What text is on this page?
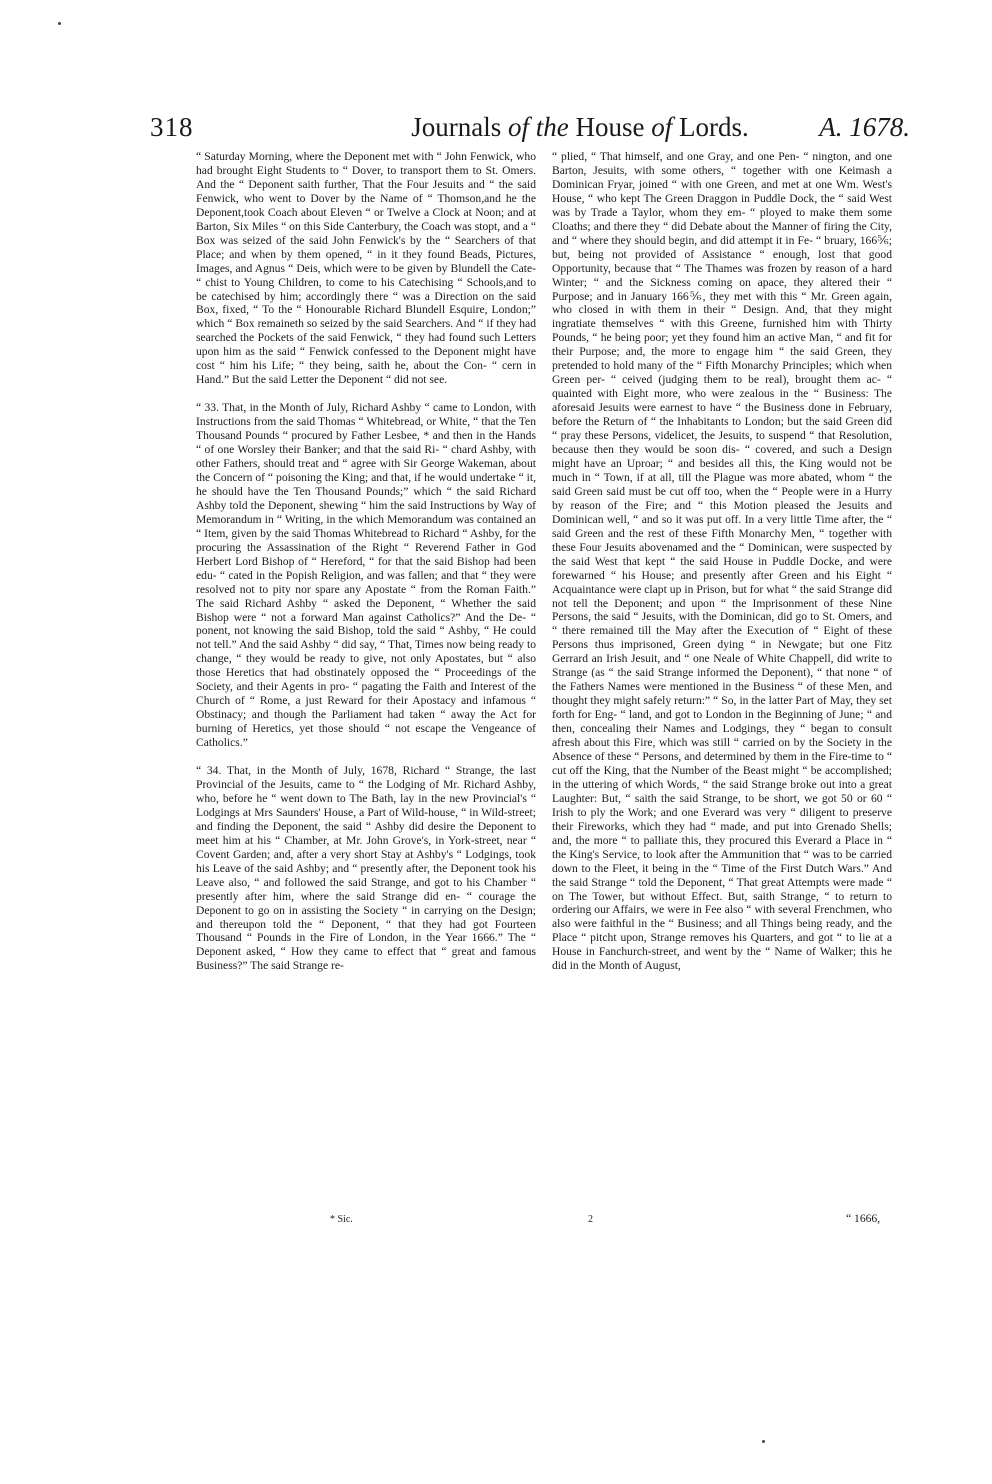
318	Journals of the House of Lords.	A. 1678.

“ Saturday Morning, where the Deponent met with “ John Fenwick, who had brought Eight Students to “ Dover, to transport them to St. Omers. And the “ Deponent saith further, That the Four Jesuits and “ the said Fenwick, who went to Dover by the Name of “ Thomson,and he the Deponent,took Coach about Eleven “ or Twelve a Clock at Noon; and at Barton, Six Miles “ on this Side Canterbury, the Coach was stopt, and a “ Box was seized of the said John Fenwick's by the “ Searchers of that Place; and when by them opened, “ in it they found Beads, Pictures, Images, and Agnus “ Deis, which were to be given by Blundell the Cate- “ chist to Young Children, to come to his Catechising “ Schools,and to be catechised by him; accordingly there “ was a Direction on the said Box, fixed, “ To the “ Honourable Richard Blundell Esquire, London;” which “ Box remaineth so seized by the said Searchers. And “ if they had searched the Pockets of the said Fenwick, “ they had found such Letters upon him as the said “ Fenwick confessed to the Deponent might have cost “ him his Life; “ they being, saith he, about the Con- “ cern in Hand.” But the said Letter the Deponent “ did not see.

“ 33. That, in the Month of July, Richard Ashby “ came to London, with Instructions from the said Thomas “ Whitebread, or White, “ that the Ten Thousand Pounds “ procured by Father Lesbee, * and then in the Hands “ of one Worsley their Banker; and that the said Ri- “ chard Ashby, with other Fathers, should treat and “ agree with Sir George Wakeman, about the Concern of “ poisoning the King; and that, if he would undertake “ it, he should have the Ten Thousand Pounds;” which “ the said Richard Ashby told the Deponent, shewing “ him the said Instructions by Way of Memorandum in “ Writing, in the which Memorandum was contained an “ Item, given by the said Thomas Whitebread to Richard “ Ashby, for the procuring the Assassination of the Right “ Reverend Father in God Herbert Lord Bishop of “ Hereford, “ for that the said Bishop had been edu- “ cated in the Popish Religion, and was fallen; and that “ they were resolved not to pity nor spare any Apostate “ from the Roman Faith.” The said Richard Ashby “ asked the Deponent, “ Whether the said Bishop were “ not a forward Man against Catholics?” And the De- “ ponent, not knowing the said Bishop, told the said “ Ashby, “ He could not tell.” And the said Ashby “ did say, “ That, Times now being ready to change, “ they would be ready to give, not only Apostates, but “ also those Heretics that had obstinately opposed the “ Proceedings of the Society, and their Agents in pro- “ pagating the Faith and Interest of the Church of “ Rome, a just Reward for their Apostacy and infamous “ Obstinacy; and though the Parliament had taken “ away the Act for burning of Heretics, yet those should “ not escape the Vengeance of Catholics.”

“ 34. That, in the Month of July, 1678, Richard “ Strange, the last Provincial of the Jesuits, came to “ the Lodging of Mr. Richard Ashby, who, before he “ went down to The Bath, lay in the new Provincial's “ Lodgings at Mrs Saunders' House, a Part of Wild-house, “ in Wild-street; and finding the Deponent, the said “ Ashby did desire the Deponent to meet him at his “ Chamber, at Mr. John Grove's, in York-street, near “ Covent Garden; and, after a very short Stay at Ashby's “ Lodgings, took his Leave of the said Ashby; and “ presently after, the Deponent took his Leave also, “ and followed the said Strange, and got to his Chamber “ presently after him, where the said Strange did en- “ courage the Deponent to go on in assisting the Society “ in carrying on the Design; and thereupon told the “ Deponent, “ that they had got Fourteen Thousand “ Pounds in the Fire of London, in the Year 1666.” The “ Deponent asked, “ How they came to effect that “ great and famous Business?” The said Strange re-

“ plied, “ That himself, and one Gray, and one Pen- “ nington, and one Barton, Jesuits, with some others, “ together with one Keimash a Dominican Fryar, joined “ with one Green, and met at one Wm. West's House, “ who kept The Green Draggon in Puddle Dock, the “ said West was by Trade a Taylor, whom they em- “ ployed to make them some Cloaths; and there they “ did Debate about the Manner of firing the City, and “ where they should begin, and did attempt it in Fe- “ bruary, 166⅚; but, being not provided of Assistance “ enough, lost that good Opportunity, because that “ The Thames was frozen by reason of a hard Winter; “ and the Sickness coming on apace, they altered their “ Purpose; and in January 166⅚, they met with this “ Mr. Green again, who closed in with them in their “ Design. And, that they might ingratiate themselves “ with this Greene, furnished him with Thirty Pounds, “ he being poor; yet they found him an active Man, “ and fit for their Purpose; and, the more to engage him “ the said Green, they pretended to hold many of the “ Fifth Monarchy Principles; which when Green per- “ ceived (judging them to be real), brought them ac- “ quainted with Eight more, who were zealous in the “ Business: The aforesaid Jesuits were earnest to have “ the Business done in February, before the Return of “ the Inhabitants to London; but the said Green did “ pray these Persons, videlicet, the Jesuits, to suspend “ that Resolution, because then they would be soon dis- “ covered, and such a Design might have an Uproar; “ and besides all this, the King would not be much in “ Town, if at all, till the Plague was more abated, whom “ the said Green said must be cut off too, when the “ People were in a Hurry by reason of the Fire; and “ this Motion pleased the Jesuits and Dominican well, “ and so it was put off. In a very little Time after, the “ said Green and the rest of these Fifth Monarchy Men, “ together with these Four Jesuits abovenamed and the “ Dominican, were suspected by the said West that kept “ the said House in Puddle Docke, and were forewarned “ his House; and presently after Green and his Eight “ Acquaintance were clapt up in Prison, but for what “ the said Strange did not tell the Deponent; and upon “ the Imprisonment of these Nine Persons, the said “ Jesuits, with the Dominican, did go to St. Omers, and “ there remained till the May after the Execution of “ Eight of these Persons thus imprisoned, Green dying “ in Newgate; but one Fitz Gerrard an Irish Jesuit, and “ one Neale of White Chappell, did write to Strange (as “ the said Strange informed the Deponent), “ that none “ of the Fathers Names were mentioned in the Business “ of these Men, and thought they might safely return:” “ So, in the latter Part of May, they set forth for Eng- “ land, and got to London in the Beginning of June; “ and then, concealing their Names and Lodgings, they “ began to consult afresh about this Fire, which was still “ carried on by the Society in the Absence of these “ Persons, and determined by them in the Fire-time to “ cut off the King, that the Number of the Beast might “ be accomplished; in the uttering of which Words, “ the said Strange broke out into a great Laughter: But, “ saith the said Strange, to be short, we got 50 or 60 “ Irish to ply the Work; and one Everard was very “ diligent to preserve their Fireworks, which they had “ made, and put into Grenado Shells; and, the more “ to palliate this, they procured this Everard a Place in “ the King's Service, to look after the Ammunition that “ was to be carried down to the Fleet, it being in the “ Time of the First Dutch Wars.” And the said Strange “ told the Deponent, “ That great Attempts were made “ on The Tower, but without Effect. But, saith Strange, “ to return to ordering our Affairs, we were in Fee also “ with several Frenchmen, who also were faithful in the “ Business; and all Things being ready, and the Place “ pitcht upon, Strange removes his Quarters, and got “ to lie at a House in Fanchurch-street, and went by the “ Name of Walker; this he did in the Month of August,

* Sic.	2	“ 1666,
